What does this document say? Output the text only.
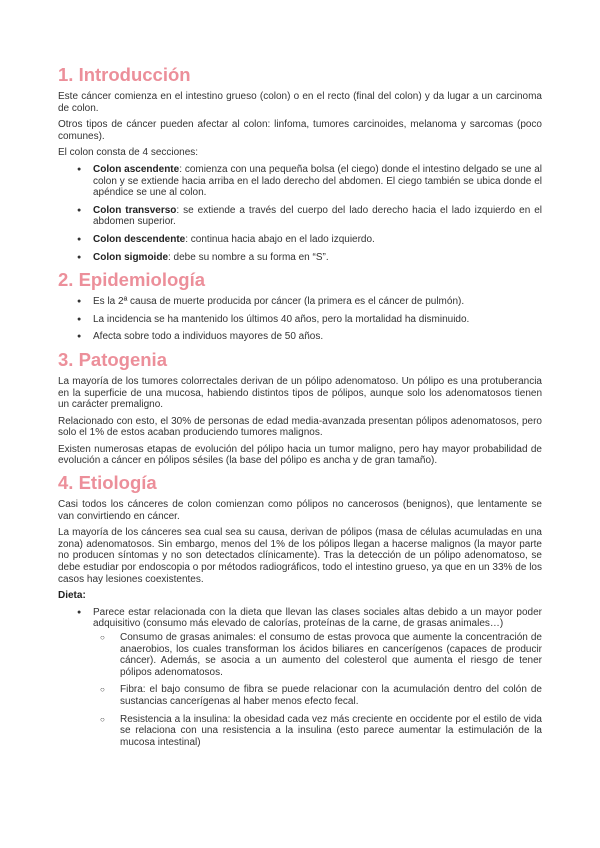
1. Introducción

Este cáncer comienza en el intestino grueso (colon) o en el recto (final del colon) y da lugar a un carcinoma de colon.

Otros tipos de cáncer pueden afectar al colon: linfoma, tumores carcinoides, melanoma y sarcomas (poco comunes).

El colon consta de 4 secciones:

● Colon ascendente: comienza con una pequeña bolsa (el ciego) donde el intestino delgado se une al colon y se extiende hacia arriba en el lado derecho del abdomen. El ciego también se ubica donde el apéndice se une al colon.
● Colon transverso: se extiende a través del cuerpo del lado derecho hacia el lado izquierdo en el abdomen superior.
● Colon descendente: continua hacia abajo en el lado izquierdo.
● Colon sigmoide: debe su nombre a su forma en “S”.
2. Epidemiología
● Es la 2ª causa de muerte producida por cáncer (la primera es el cáncer de pulmón).
● La incidencia se ha mantenido los últimos 40 años, pero la mortalidad ha disminuido.
● Afecta sobre todo a individuos mayores de 50 años.
3. Patogenia

La mayoría de los tumores colorrectales derivan de un pólipo adenomatoso. Un pólipo es una protuberancia en la superficie de una mucosa, habiendo distintos tipos de pólipos, aunque solo los adenomatosos tienen un carácter premaligno.

Relacionado con esto, el 30% de personas de edad media-avanzada presentan pólipos adenomatosos, pero solo el 1% de estos acaban produciendo tumores malignos.

Existen numerosas etapas de evolución del pólipo hacia un tumor maligno, pero hay mayor probabilidad de evolución a cáncer en pólipos sésiles (la base del pólipo es ancha y de gran tamaño).

4. Etiología

Casi todos los cánceres de colon comienzan como pólipos no cancerosos (benignos), que lentamente se van convirtiendo en cáncer.

La mayoría de los cánceres sea cual sea su causa, derivan de pólipos (masa de células acumuladas en una zona) adenomatosos. Sin embargo, menos del 1% de los pólipos llegan a hacerse malignos (la mayor parte no producen síntomas y no son detectados clínicamente). Tras la detección de un pólipo adenomatoso, se debe estudiar por endoscopia o por métodos radiográficos, todo el intestino grueso, ya que en un 33% de los casos hay lesiones coexistentes.

Dieta:

● Parece estar relacionada con la dieta que llevan las clases sociales altas debido a un mayor poder adquisitivo (consumo más elevado de calorías, proteínas de la carne, de grasas animales…)
○ Consumo de grasas animales: el consumo de estas provoca que aumente la concentración de anaerobios, los cuales transforman los ácidos biliares en cancerígenos (capaces de producir cáncer). Además, se asocia a un aumento del colesterol que aumenta el riesgo de tener pólipos adenomatosos.
○ Fibra: el bajo consumo de fibra se puede relacionar con la acumulación dentro del colón de sustancias cancerígenas al haber menos efecto fecal.
○ Resistencia a la insulina: la obesidad cada vez más creciente en occidente por el estilo de vida se relaciona con una resistencia a la insulina (esto parece aumentar la estimulación de la mucosa intestinal)
